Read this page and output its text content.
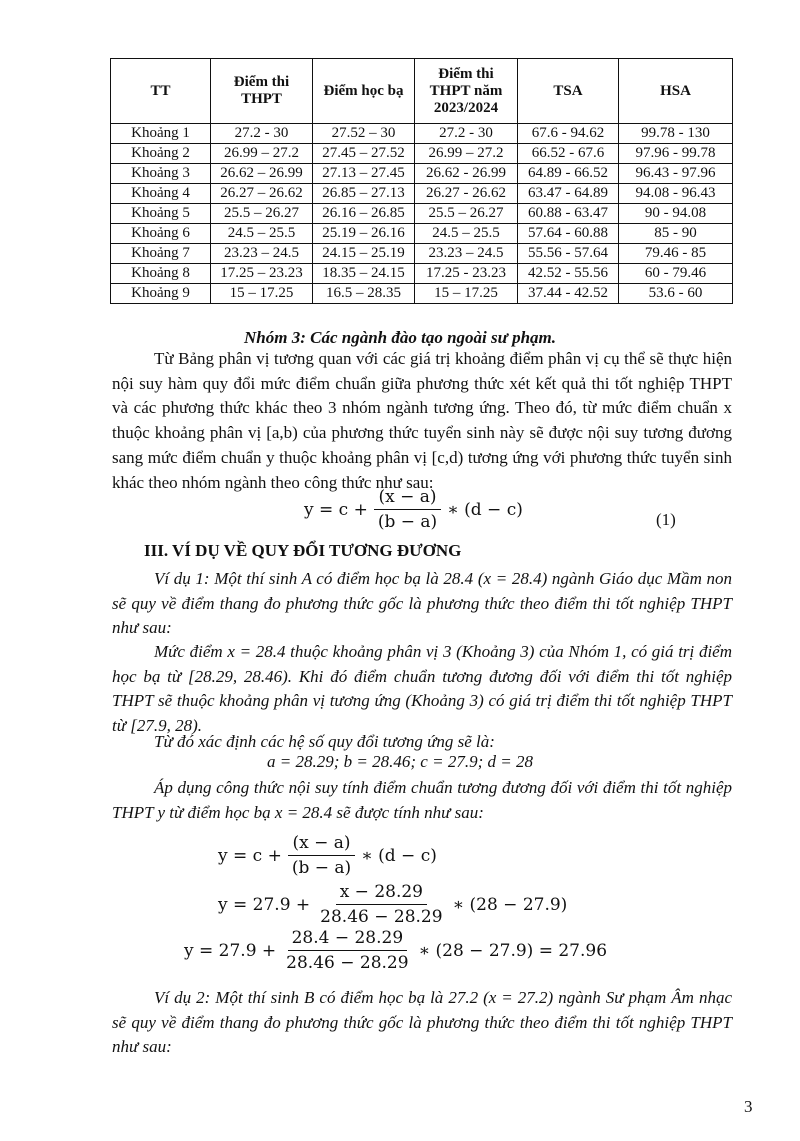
TT	Điểm thi THPT	Điểm học bạ	Điểm thi THPT năm 2023/2024	TSA	HSA
Khoảng 1	27.2 - 30	27.52 – 30	27.2 - 30	67.6 - 94.62	99.78 - 130
Khoảng 2	26.99 – 27.2	27.45 – 27.52	26.99 – 27.2	66.52 - 67.6	97.96 - 99.78
Khoảng 3	26.62 – 26.99	27.13 – 27.45	26.62 - 26.99	64.89 - 66.52	96.43 - 97.96
Khoảng 4	26.27 – 26.62	26.85 – 27.13	26.27 - 26.62	63.47 - 64.89	94.08 - 96.43
Khoảng 5	25.5 – 26.27	26.16 – 26.85	25.5 – 26.27	60.88 - 63.47	90 - 94.08
Khoảng 6	24.5 – 25.5	25.19 – 26.16	24.5 – 25.5	57.64 - 60.88	85 - 90
Khoảng 7	23.23 – 24.5	24.15 – 25.19	23.23 – 24.5	55.56 - 57.64	79.46 - 85
Khoảng 8	17.25 – 23.23	18.35 – 24.15	17.25 - 23.23	42.52 - 55.56	60 - 79.46
Khoảng 9	15 – 17.25	16.5 – 28.35	15 – 17.25	37.44 - 42.52	53.6 - 60
Nhóm 3: Các ngành đào tạo ngoài sư phạm.

Từ Bảng phân vị tương quan với các giá trị khoảng điểm phân vị cụ thể sẽ thực hiện nội suy hàm quy đổi mức điểm chuẩn giữa phương thức xét kết quả thi tốt nghiệp THPT và các phương thức khác theo 3 nhóm ngành tương ứng. Theo đó, từ mức điểm chuẩn x thuộc khoảng phân vị [a,b) của phương thức tuyển sinh này sẽ được nội suy tương đương sang mức điểm chuẩn y thuộc khoảng phân vị [c,d) tương ứng với phương thức tuyển sinh khác theo nhóm ngành theo công thức như sau:

$y = c + \frac{(x - a)}{(b - a)}$ ∗ (d − c)	(1)
III. VÍ DỤ VỀ QUY ĐỔI TƯƠNG ĐƯƠNG

Ví dụ 1: Một thí sinh A có điểm học bạ là 28.4 (x = 28.4) ngành Giáo dục Mầm non sẽ quy về điểm thang đo phương thức gốc là phương thức theo điểm thi tốt nghiệp THPT như sau:

Mức điểm x = 28.4 thuộc khoảng phân vị 3 (Khoảng 3) của Nhóm 1, có giá trị điểm học bạ từ [28.29, 28.46). Khi đó điểm chuẩn tương đương đối với điểm thi tốt nghiệp THPT sẽ thuộc khoảng phân vị tương ứng (Khoảng 3) có giá trị điểm thi tốt nghiệp THPT từ [27.9, 28).

Từ đó xác định các hệ số quy đổi tương ứng sẽ là:

a = 28.29; b = 28.46; c = 27.9; d = 28

Áp dụng công thức nội suy tính điểm chuẩn tương đương đối với điểm thi tốt nghiệp THPT y từ điểm học bạ x = 28.4 sẽ được tính như sau:

$y = c + \frac{(x - a)}{(b - a)}$ ∗ (d − c)
$y = 27.9 + \frac{x - 28.29}{28.46 - 28.29}$ ∗ (28 − 27.9)
$y = 27.9 + \frac{28.4 - 28.29}{28.46 - 28.29}$ ∗ (28 − 27.9) = 27.96

Ví dụ 2: Một thí sinh B có điểm học bạ là 27.2 (x = 27.2) ngành Sư phạm Âm nhạc sẽ quy về điểm thang đo phương thức gốc là phương thức theo điểm thi tốt nghiệp THPT như sau:

3
